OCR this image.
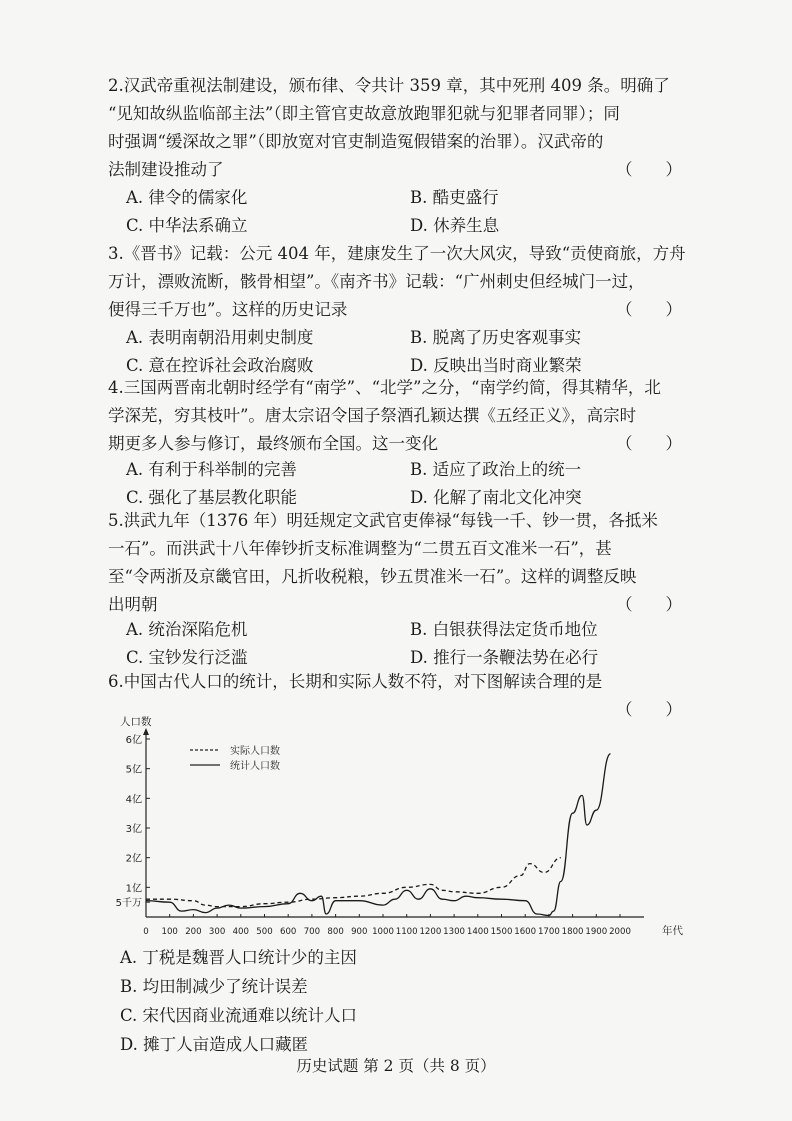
2.汉武帝重视法制建设，颁布律、令共计 359 章，其中死刑 409 条。明确了
“见知故纵监临部主法”（即主管官吏故意放跑罪犯就与犯罪者同罪）；同
时强调“缓深故之罪”（即放宽对官吏制造冤假错案的治罪）。汉武帝的
法制建设推动了	（　　）
A. 律令的儒家化	B. 酷吏盛行
C. 中华法系确立	D. 休养生息
3.《晋书》记载：公元 404 年，建康发生了一次大风灾，导致“贡使商旅，方舟
万计，漂败流断，骸骨相望”。《南齐书》记载：“广州刺史但经城门一过，
便得三千万也”。这样的历史记录	（　　）
A. 表明南朝沿用刺史制度	B. 脱离了历史客观事实
C. 意在控诉社会政治腐败	D. 反映出当时商业繁荣
4.三国两晋南北朝时经学有“南学”、“北学”之分，“南学约简，得其精华，北
学深芜，穷其枝叶”。唐太宗诏令国子祭酒孔颖达撰《五经正义》，高宗时
期更多人参与修订，最终颁布全国。这一变化	（　　）
A. 有利于科举制的完善	B. 适应了政治上的统一
C. 强化了基层教化职能	D. 化解了南北文化冲突
5.洪武九年（1376 年）明廷规定文武官吏俸禄“每钱一千、钞一贯，各抵米
一石”。而洪武十八年俸钞折支标准调整为“二贯五百文准米一石”，甚
至“令两浙及京畿官田，凡折收税粮，钞五贯准米一石”。这样的调整反映
出明朝	（　　）
A. 统治深陷危机	B. 白银获得法定货币地位
C. 宝钞发行泛滥	D. 推行一条鞭法势在必行
6.中国古代人口的统计，长期和实际人数不符，对下图解读合理的是
（　　）
人口数
年代
5千万
1亿
2亿
3亿
4亿
5亿
6亿
0 100 200 300 400 500 600 700 800 900 1000 1100 1200 1300 1400 1500 1600 1700 1800 1900 2000
实际人口数
统计人口数
A. 丁税是魏晋人口统计少的主因
B. 均田制减少了统计误差
C. 宋代因商业流通难以统计人口
D. 摊丁人亩造成人口藏匿
历史试题 第 2 页（共 8 页）
